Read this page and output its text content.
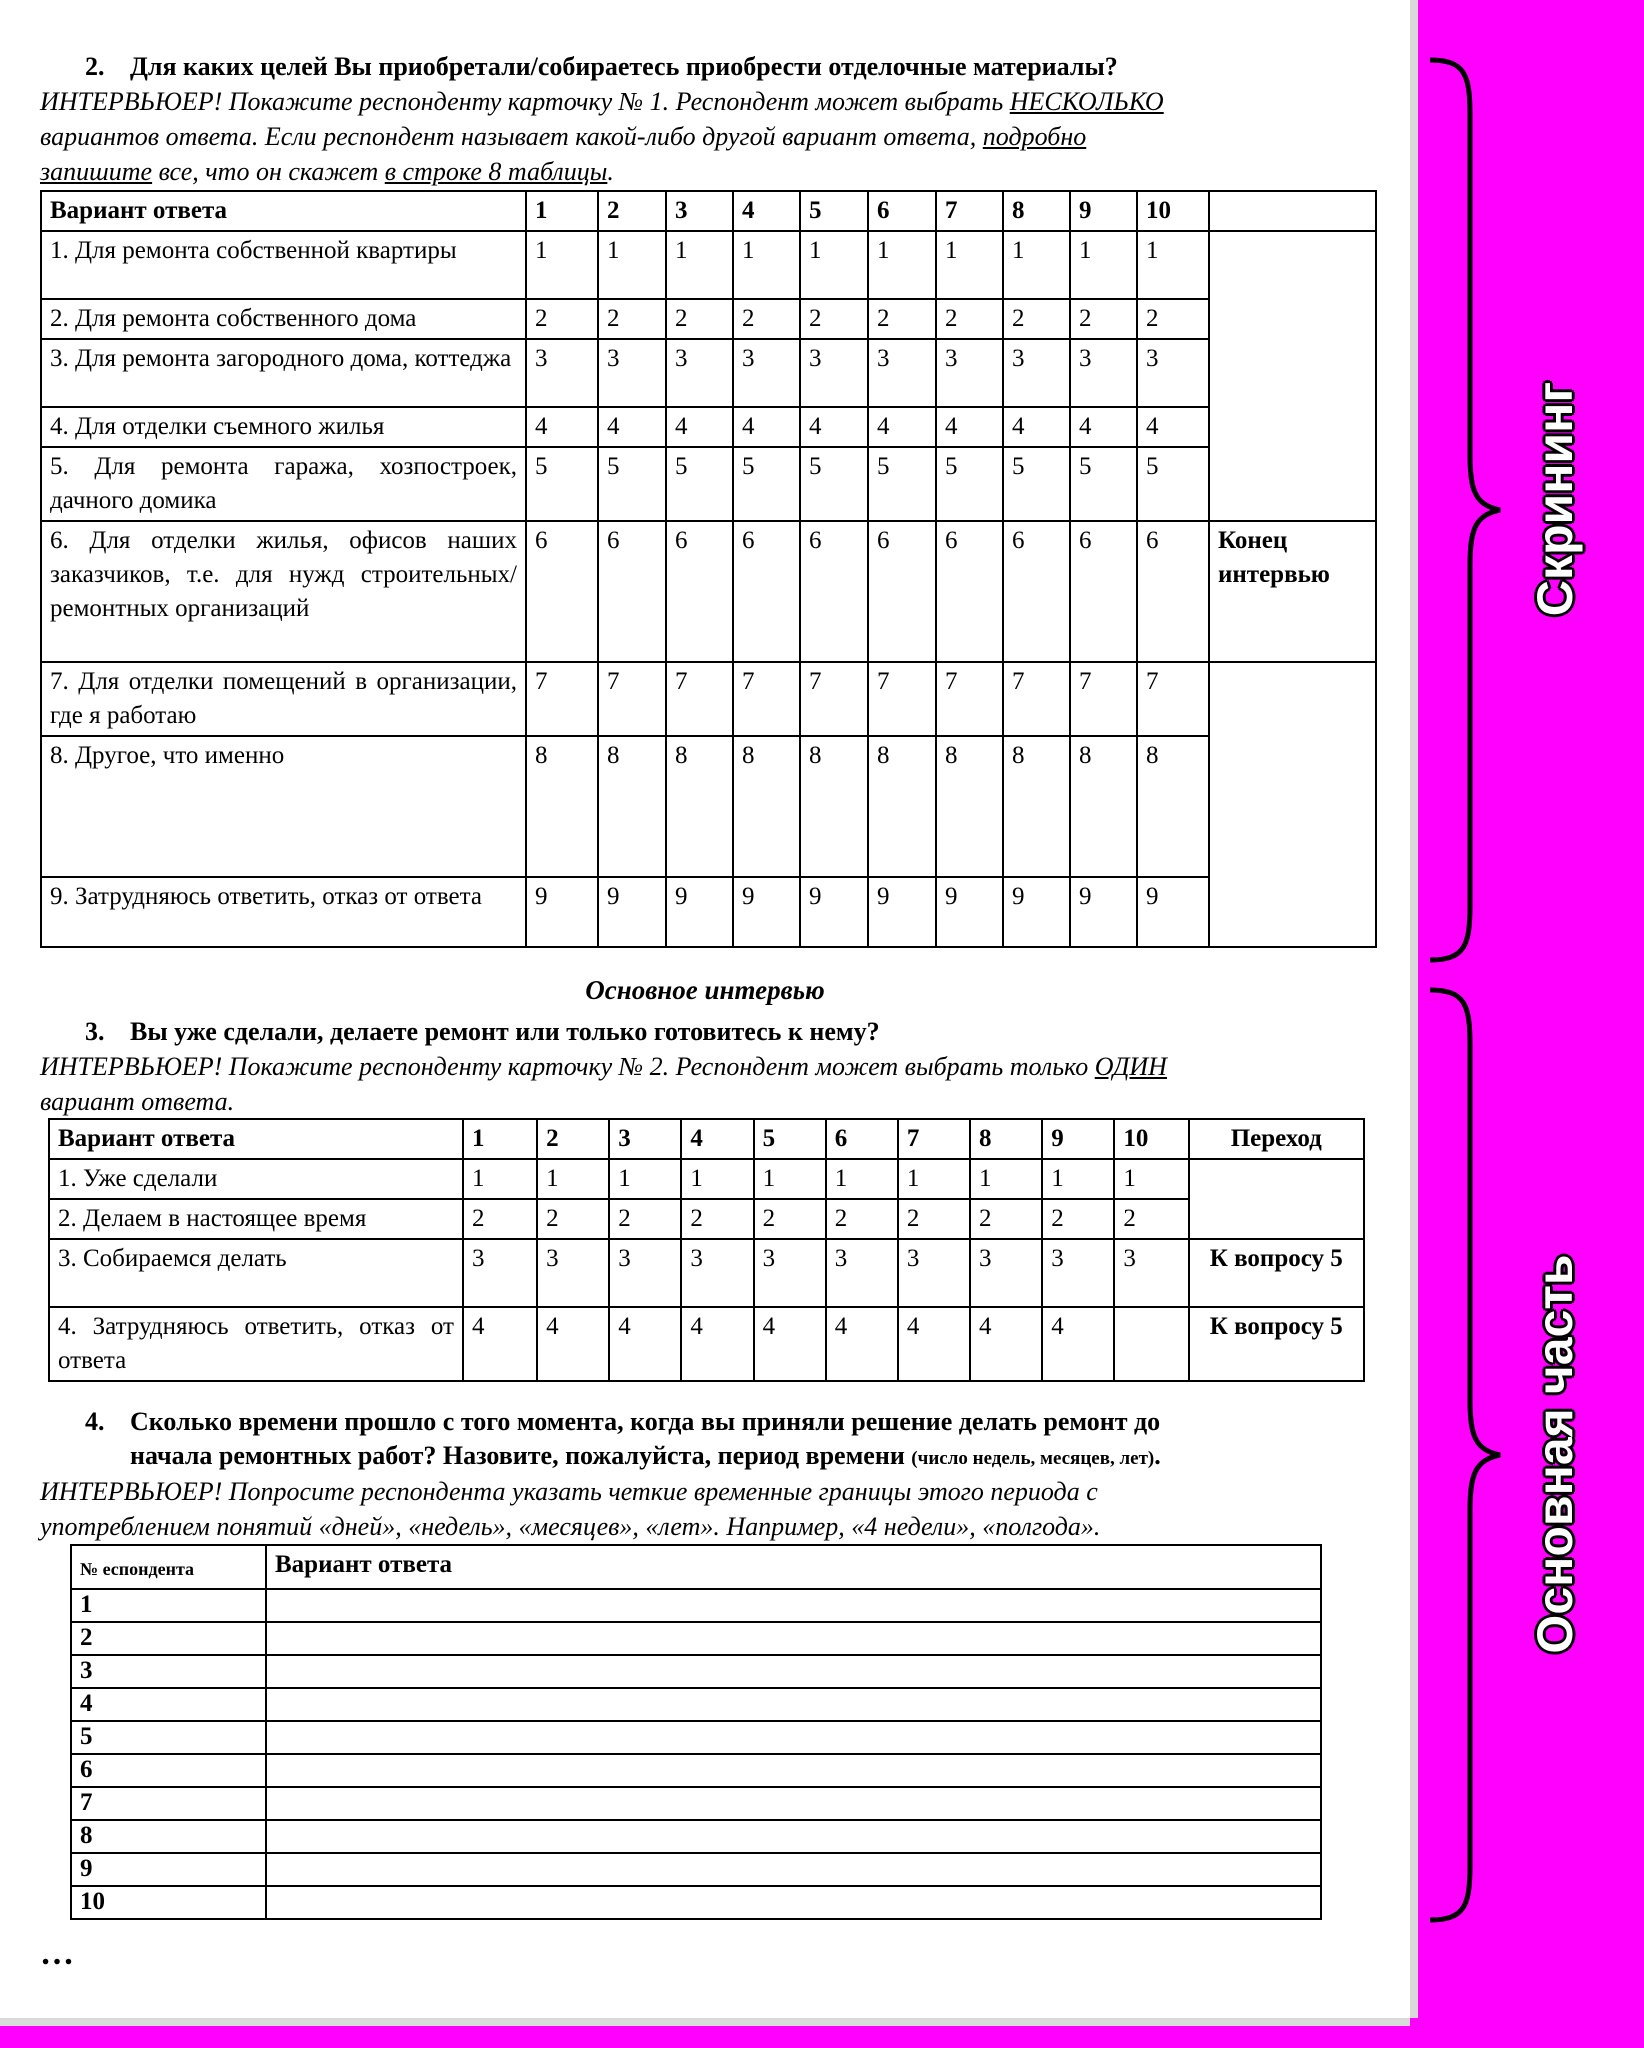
2. Для каких целей Вы приобретали/собираетесь приобрести отделочные материалы?
ИНТЕРВЬЮЕР! Покажите респонденту карточку № 1. Респондент может выбрать НЕСКОЛЬКО
вариантов ответа. Если респондент называет какой-либо другой вариант ответа, подробно
запишите все, что он скажет в строке 8 таблицы.
Вариант ответа	1	2	3	4	5	6	7	8	9	10	
1. Для ремонта собственной квартиры	1	1	1	1	1	1	1	1	1	1	
2. Для ремонта собственного дома	2	2	2	2	2	2	2	2	2	2	
3. Для ремонта загородного дома, коттеджа	3	3	3	3	3	3	3	3	3	3	
4. Для отделки съемного жилья	4	4	4	4	4	4	4	4	4	4	
5. Для ремонта гаража, хозпостроек, дачного домика	5	5	5	5	5	5	5	5	5	5	
6. Для отделки жилья, офисов наших заказчиков, т.е. для нужд строительных/ремонтных организаций	6	6	6	6	6	6	6	6	6	6	Конец интервью
7. Для отделки помещений в организации, где я работаю	7	7	7	7	7	7	7	7	7	7	
8. Другое, что именно	8	8	8	8	8	8	8	8	8	8	
9. Затрудняюсь ответить, отказ от ответа	9	9	9	9	9	9	9	9	9	9	
Основное интервью
3. Вы уже сделали, делаете ремонт или только готовитесь к нему?
ИНТЕРВЬЮЕР! Покажите респонденту карточку № 2. Респондент может выбрать только ОДИН
вариант ответа.
Вариант ответа	1	2	3	4	5	6	7	8	9	10	Переход
1. Уже сделали	1	1	1	1	1	1	1	1	1	1	
2. Делаем в настоящее время	2	2	2	2	2	2	2	2	2	2	
3. Собираемся делать	3	3	3	3	3	3	3	3	3	3	К вопросу 5
4. Затрудняюсь ответить, отказ от ответа	4	4	4	4	4	4	4	4	4		К вопросу 5
4. Сколько времени прошло с того момента, когда вы приняли решение делать ремонт до
начала ремонтных работ? Назовите, пожалуйста, период времени (число недель, месяцев, лет).
ИНТЕРВЬЮЕР! Попросите респондента указать четкие временные границы этого периода с
употреблением понятий «дней», «недель», «месяцев», «лет». Например, «4 недели», «полгода».
№ еспондента	Вариант ответа
1	
2	
3	
4	
5	
6	
7	
8	
9	
10	
…
Скрининг
Основная часть
